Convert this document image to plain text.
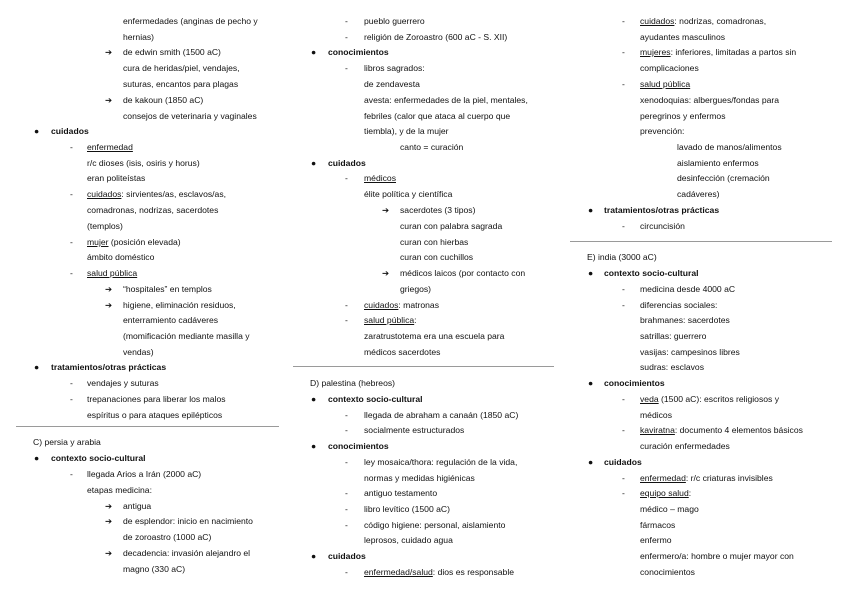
enfermedades (anginas de pecho y
hernias)
➔ de edwin smith (1500 aC)
cura de heridas/piel, vendajes,
suturas, encantos para plagas
➔ de kakoun (1850 aC)
consejos de veterinaria y vaginales
● cuidados
- enfermedad
r/c dioses (isis, osiris y horus)
eran politeístas
- cuidados: sirvientes/as, esclavos/as,
comadronas, nodrizas, sacerdotes
(templos)
- mujer (posición elevada)
ámbito doméstico
- salud pública
➔ “hospitales” en templos
➔ higiene, eliminación residuos,
enterramiento cadáveres
(momificación mediante masilla y
vendas)
● tratamientos/otras prácticas
- vendajes y suturas
- trepanaciones para liberar los malos
espíritus o para ataques epilépticos
C) persia y arabia
● contexto socio-cultural
- llegada Arios a Irán (2000 aC)
etapas medicina:
➔ antigua
➔ de esplendor: inicio en nacimiento
de zoroastro (1000 aC)
➔ decadencia: invasión alejandro el
magno (330 aC)
- pueblo guerrero
- religión de Zoroastro (600 aC - S. XII)
● conocimientos
- libros sagrados:
de zendavesta
avesta: enfermedades de la piel, mentales,
febriles (calor que ataca al cuerpo que
tiembla), y de la mujer
canto = curación
● cuidados
- médicos
élite política y científica
➔ sacerdotes (3 tipos)
curan con palabra sagrada
curan con hierbas
curan con cuchillos
➔ médicos laicos (por contacto con
griegos)
- cuidados: matronas
- salud pública:
zaratrustotema era una escuela para
médicos sacerdotes
D) palestina (hebreos)
● contexto socio-cultural
- llegada de abraham a canaán (1850 aC)
- socialmente estructurados
● conocimientos
- ley mosaica/thora: regulación de la vida,
normas y medidas higiénicas
- antiguo testamento
- libro levítico (1500 aC)
- código higiene: personal, aislamiento
leprosos, cuidado agua
● cuidados
- enfermedad/salud: dios es responsable
- cuidados: nodrizas, comadronas,
ayudantes masculinos
- mujeres: inferiores, limitadas a partos sin
complicaciones
- salud pública
xenodoquias: albergues/fondas para
peregrinos y enfermos
prevención:
lavado de manos/alimentos
aislamiento enfermos
desinfección (cremación
cadáveres)
● tratamientos/otras prácticas
- circuncisión
E) india (3000 aC)
● contexto socio-cultural
- medicina desde 4000 aC
- diferencias sociales:
brahmanes: sacerdotes
satrillas: guerrero
vasijas: campesinos libres
sudras: esclavos
● conocimientos
- veda (1500 aC): escritos religiosos y
médicos
- kaviratna: documento 4 elementos básicos
curación enfermedades
● cuidados
- enfermedad: r/c criaturas invisibles
- equipo salud:
médico – mago
fármacos
enfermo
enfermero/a: hombre o mujer mayor con
conocimientos
